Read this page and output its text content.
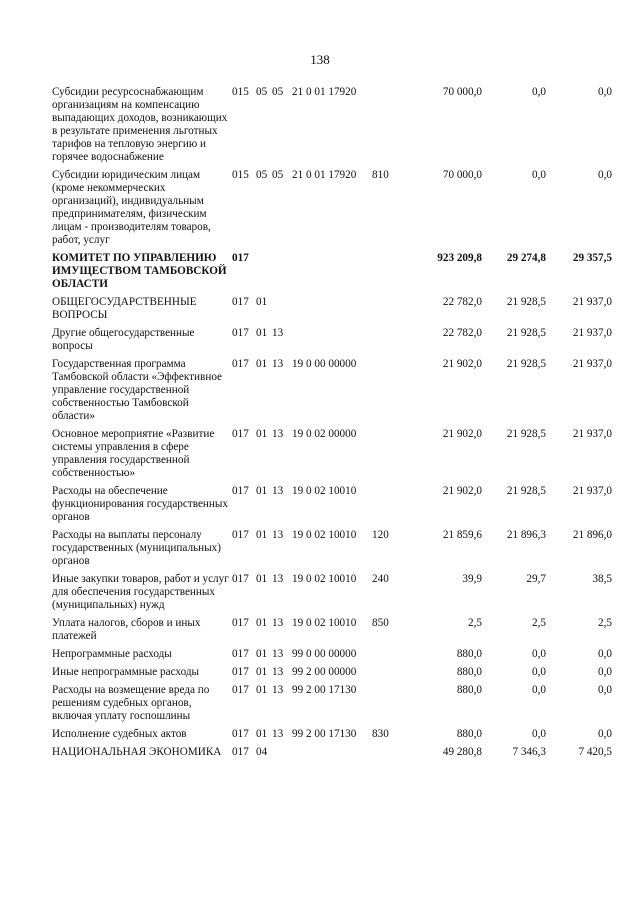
138
Субсидии ресурсоснабжающим организациям на компенсацию выпадающих доходов, возникающих в результате применения льготных тарифов на тепловую энергию и горячее водоснабжение	015	05	05	21 0 01 17920		70 000,0	0,0	0,0
Субсидии юридическим лицам (кроме некоммерческих организаций), индивидуальным предпринимателям, физическим лицам - производителям товаров, работ, услуг	015	05	05	21 0 01 17920	810	70 000,0	0,0	0,0
КОМИТЕТ ПО УПРАВЛЕНИЮ ИМУЩЕСТВОМ ТАМБОВСКОЙ ОБЛАСТИ	017					923 209,8	29 274,8	29 357,5
ОБЩЕГОСУДАРСТВЕННЫЕ ВОПРОСЫ	017	01				22 782,0	21 928,5	21 937,0
Другие общегосударственные вопросы	017	01	13			22 782,0	21 928,5	21 937,0
Государственная программа Тамбовской области «Эффективное управление государственной собственностью Тамбовской области»	017	01	13	19 0 00 00000		21 902,0	21 928,5	21 937,0
Основное мероприятие «Развитие системы управления в сфере управления государственной собственностью»	017	01	13	19 0 02 00000		21 902,0	21 928,5	21 937,0
Расходы на обеспечение функционирования государственных органов	017	01	13	19 0 02 10010		21 902,0	21 928,5	21 937,0
Расходы на выплаты персоналу государственных (муниципальных) органов	017	01	13	19 0 02 10010	120	21 859,6	21 896,3	21 896,0
Иные закупки товаров, работ и услуг для обеспечения государственных (муниципальных) нужд	017	01	13	19 0 02 10010	240	39,9	29,7	38,5
Уплата налогов, сборов и иных платежей	017	01	13	19 0 02 10010	850	2,5	2,5	2,5
Непрограммные расходы	017	01	13	99 0 00 00000		880,0	0,0	0,0
Иные непрограммные расходы	017	01	13	99 2 00 00000		880,0	0,0	0,0
Расходы на возмещение вреда по решениям судебных органов, включая уплату госпошлины	017	01	13	99 2 00 17130		880,0	0,0	0,0
Исполнение судебных актов	017	01	13	99 2 00 17130	830	880,0	0,0	0,0
НАЦИОНАЛЬНАЯ ЭКОНОМИКА	017	04				49 280,8	7 346,3	7 420,5
